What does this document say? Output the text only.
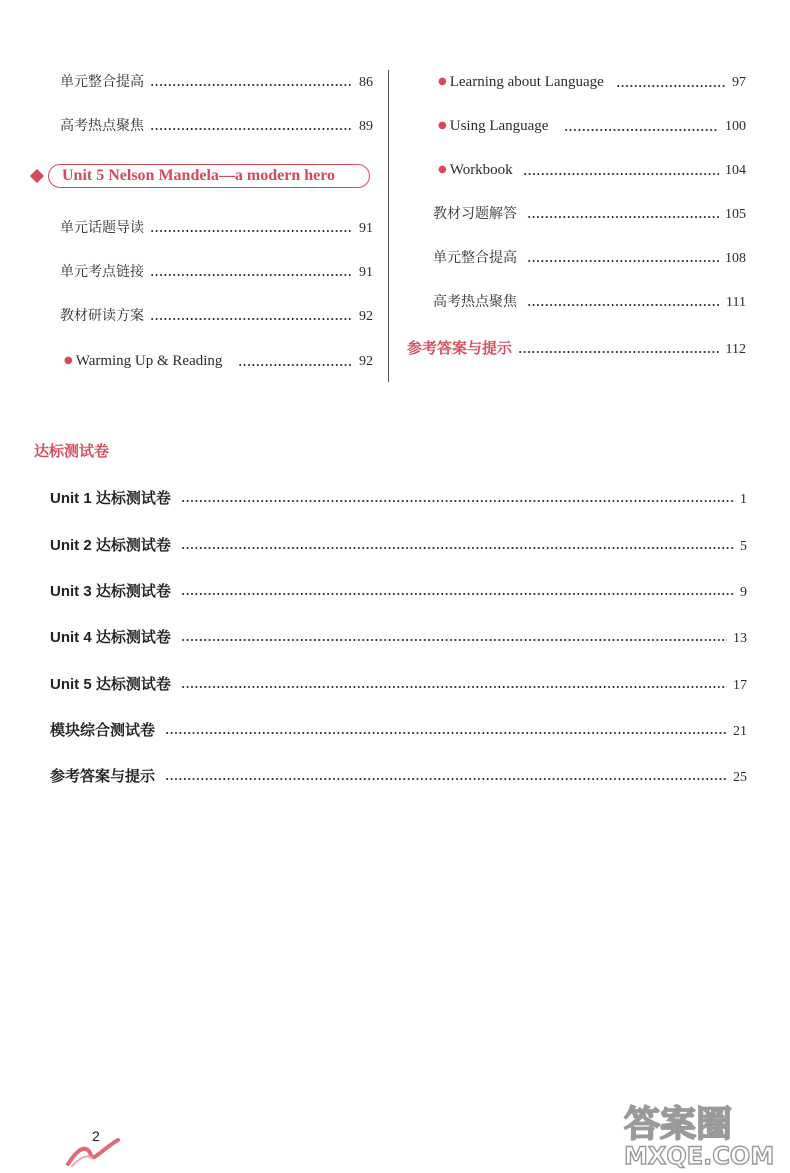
单元整合提高	86
高考热点聚焦	89
Unit 5 Nelson Mandela—a modern hero
单元话题导读	91
单元考点链接	91
教材研读方案	92
● Warming Up & Reading	92
● Learning about Language	97
● Using Language	100
● Workbook	104
教材习题解答	105
单元整合提高	108
高考热点聚焦	111
参考答案与提示	112
达标测试卷
Unit 1 达标测试卷	1
Unit 2 达标测试卷	5
Unit 3 达标测试卷	9
Unit 4 达标测试卷	13
Unit 5 达标测试卷	17
模块综合测试卷	21
参考答案与提示	25
2	答案圈
MXQE.COM
